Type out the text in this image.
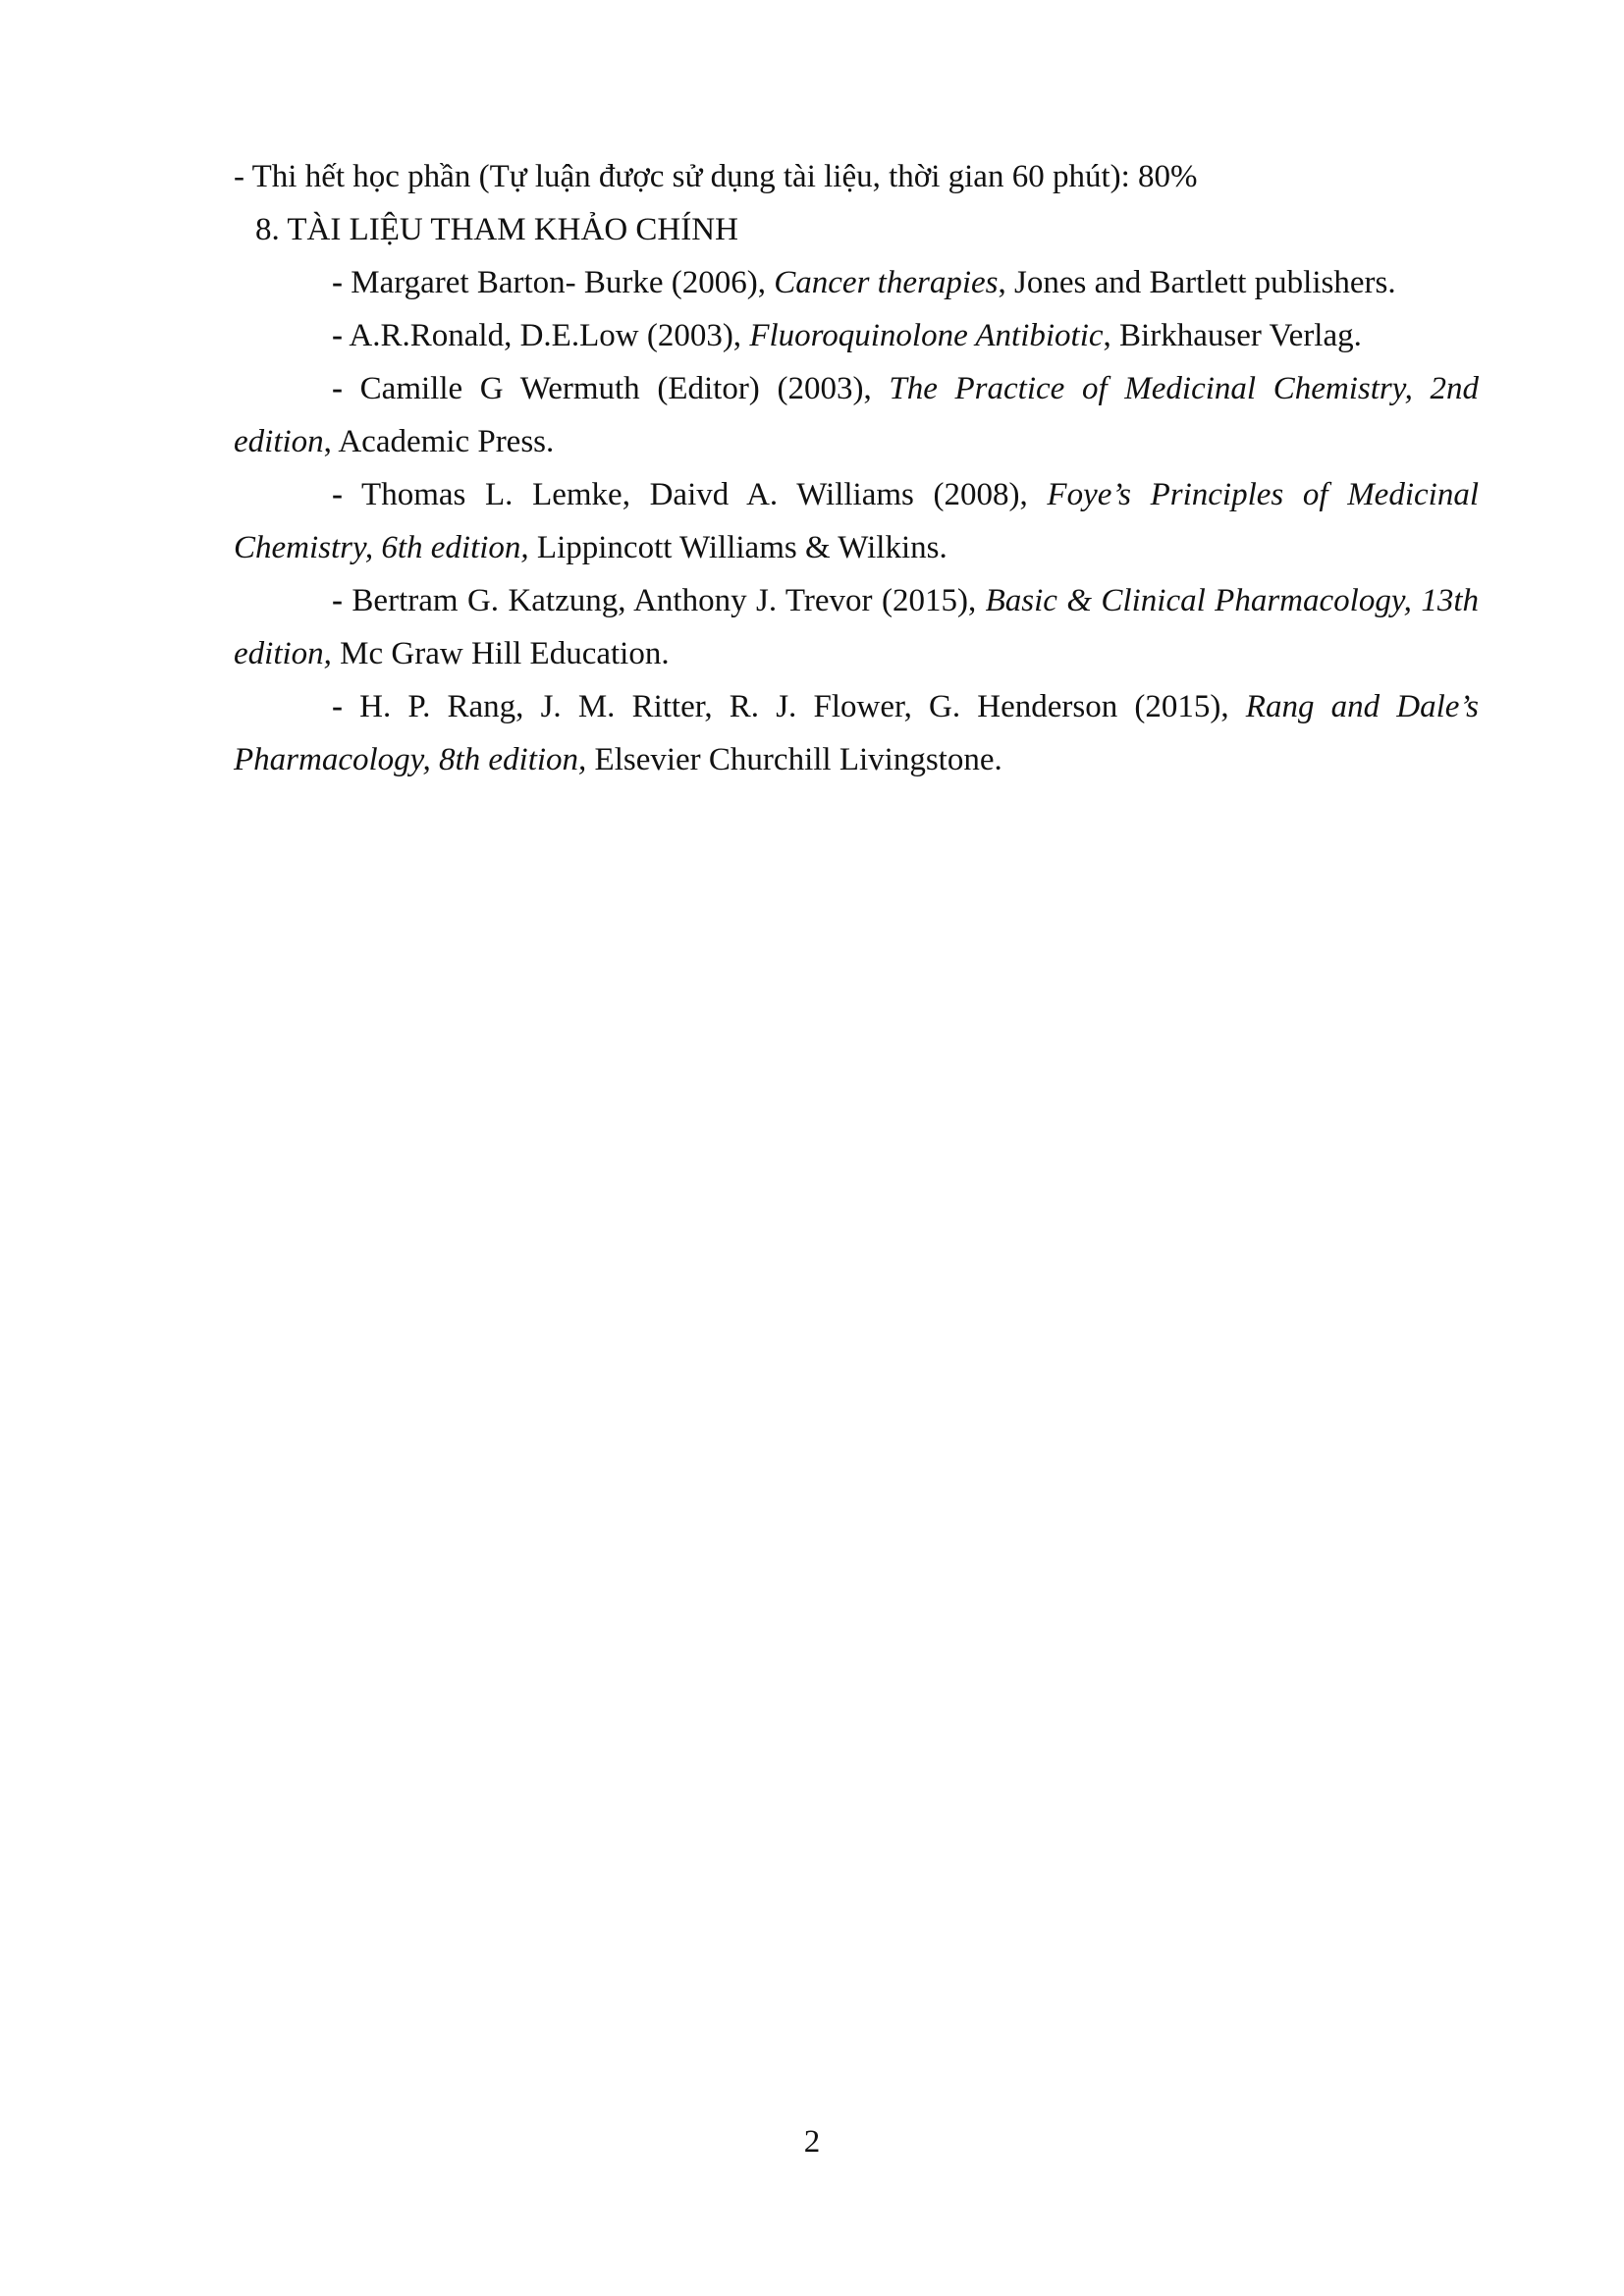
- Thi hết học phần (Tự luận được sử dụng tài liệu, thời gian 60 phút): 80%

8. TÀI LIỆU THAM KHẢO CHÍNH

- Margaret Barton- Burke (2006), Cancer therapies, Jones and Bartlett publishers.

- A.R.Ronald, D.E.Low (2003), Fluoroquinolone Antibiotic, Birkhauser Verlag.

- Camille G Wermuth (Editor) (2003), The Practice of Medicinal Chemistry, 2nd edition, Academic Press.

- Thomas L. Lemke, Daivd A. Williams (2008), Foye’s Principles of Medicinal Chemistry, 6th edition, Lippincott Williams & Wilkins.

- Bertram G. Katzung, Anthony J. Trevor (2015), Basic & Clinical Pharmacology, 13th edition, Mc Graw Hill Education.

- H. P. Rang, J. M. Ritter, R. J. Flower, G. Henderson (2015), Rang and Dale’s Pharmacology, 8th edition, Elsevier Churchill Livingstone.

2
